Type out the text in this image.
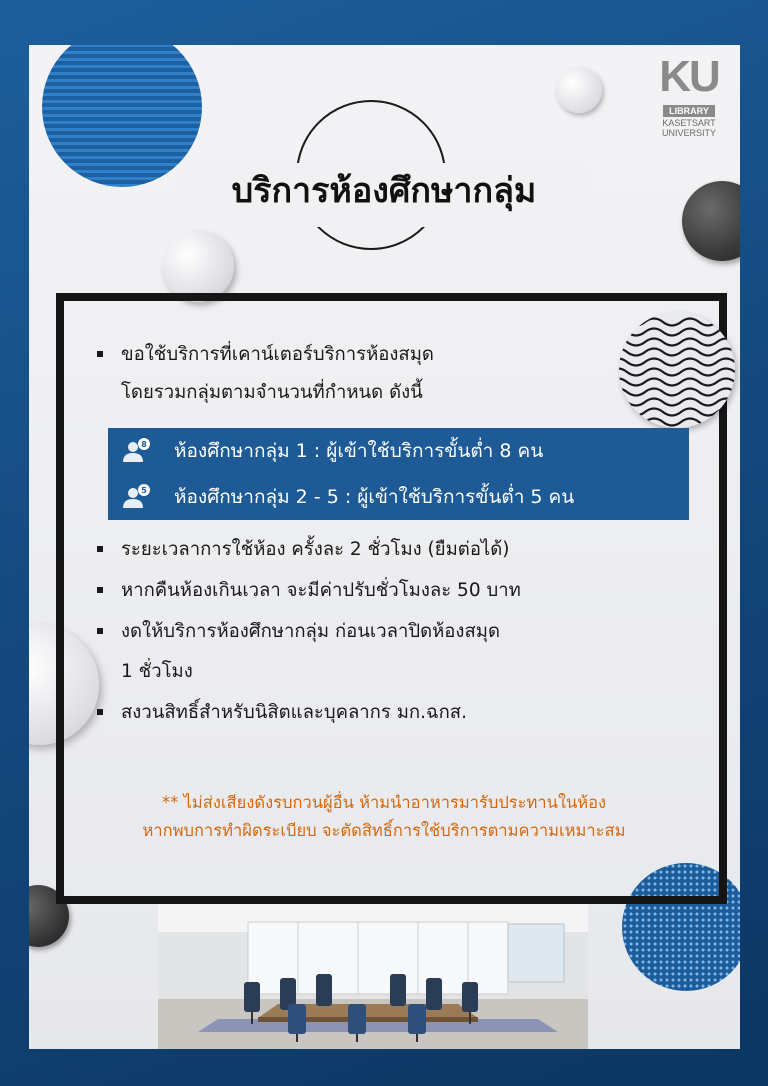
KU
LIBRARY
KASETSART
UNIVERSITY
บริการห้องศึกษากลุ่ม
ขอใช้บริการที่เคาน์เตอร์บริการห้องสมุด
โดยรวมกลุ่มตามจำนวนที่กำหนด ดังนี้
ระยะเวลาการใช้ห้อง ครั้งละ 2 ชั่วโมง (ยืมต่อได้)
หากคืนห้องเกินเวลา จะมีค่าปรับชั่วโมงละ 50 บาท
งดให้บริการห้องศึกษากลุ่ม ก่อนเวลาปิดห้องสมุด
1 ชั่วโมง
สงวนสิทธิ์สำหรับนิสิตและบุคลากร มก.ฉกส.
8 ห้องศึกษากลุ่ม 1 : ผู้เข้าใช้บริการขั้นต่ำ 8 คน
5 ห้องศึกษากลุ่ม 2 - 5 : ผู้เข้าใช้บริการขั้นต่ำ 5 คน

** ไม่ส่งเสียงดังรบกวนผู้อื่น ห้ามนำอาหารมารับประทานในห้อง
หากพบการทำผิดระเบียบ จะตัดสิทธิ์การใช้บริการตามความเหมาะสม
